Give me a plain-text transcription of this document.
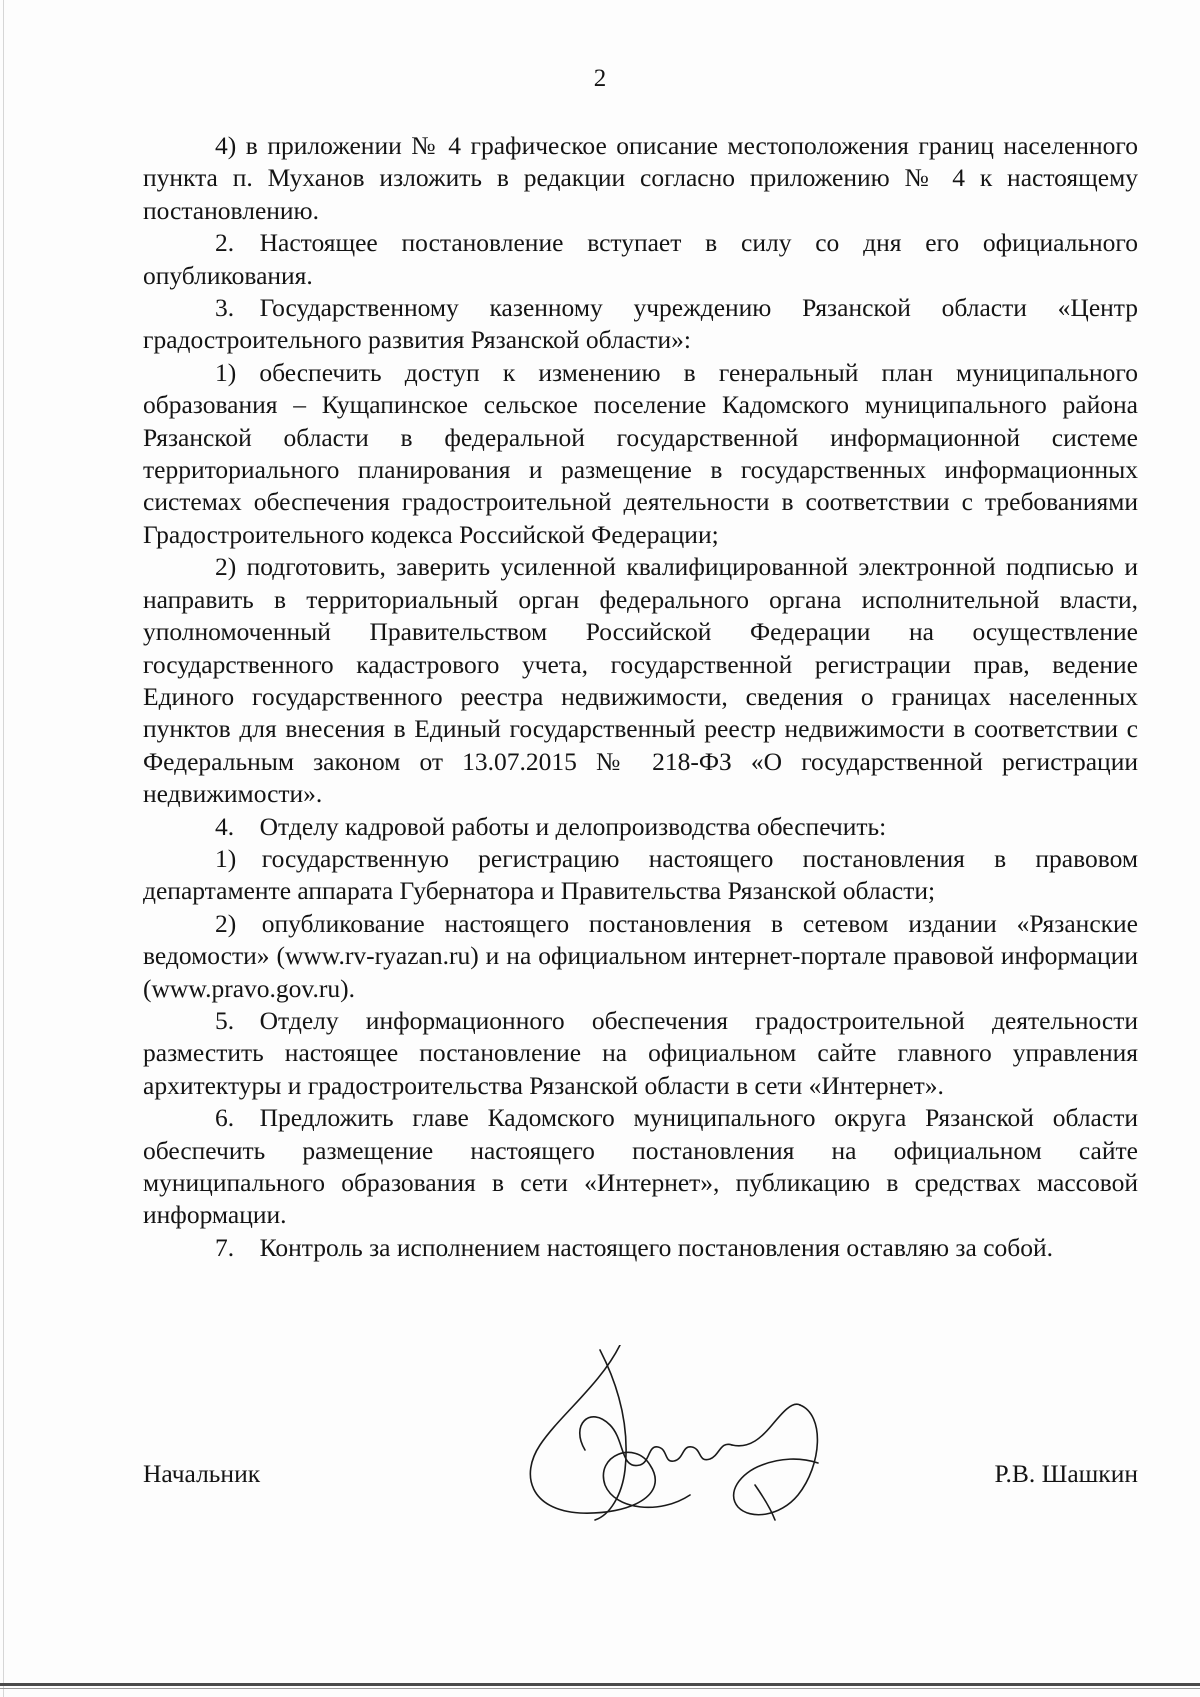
2

4) в приложении № 4 графическое описание местоположения границ населенного пункта п. Муханов изложить в редакции согласно приложению № 4 к настоящему постановлению.

2. Настоящее постановление вступает в силу со дня его официального опубликования.

3. Государственному казенному учреждению Рязанской области «Центр градостроительного развития Рязанской области»:

1) обеспечить доступ к изменению в генеральный план муниципального образования – Кущапинское сельское поселение Кадомского муниципального района Рязанской области в федеральной государственной информационной системе территориального планирования и размещение в государственных информационных системах обеспечения градостроительной деятельности в соответствии с требованиями Градостроительного кодекса Российской Федерации;

2) подготовить, заверить усиленной квалифицированной электронной подписью и направить в территориальный орган федерального органа исполнительной власти, уполномоченный Правительством Российской Федерации на осуществление государственного кадастрового учета, государственной регистрации прав, ведение Единого государственного реестра недвижимости, сведения о границах населенных пунктов для внесения в Единый государственный реестр недвижимости в соответствии с Федеральным законом от 13.07.2015 № 218-ФЗ «О государственной регистрации недвижимости».

4. Отделу кадровой работы и делопроизводства обеспечить:

1) государственную регистрацию настоящего постановления в правовом департаменте аппарата Губернатора и Правительства Рязанской области;

2) опубликование настоящего постановления в сетевом издании «Рязанские ведомости» (www.rv-ryazan.ru) и на официальном интернет-портале правовой информации (www.pravo.gov.ru).

5. Отделу информационного обеспечения градостроительной деятельности разместить настоящее постановление на официальном сайте главного управления архитектуры и градостроительства Рязанской области в сети «Интернет».

6. Предложить главе Кадомского муниципального округа Рязанской области обеспечить размещение настоящего постановления на официальном сайте муниципального образования в сети «Интернет», публикацию в средствах массовой информации.

7. Контроль за исполнением настоящего постановления оставляю за собой.

Начальник	Р.В. Шашкин
